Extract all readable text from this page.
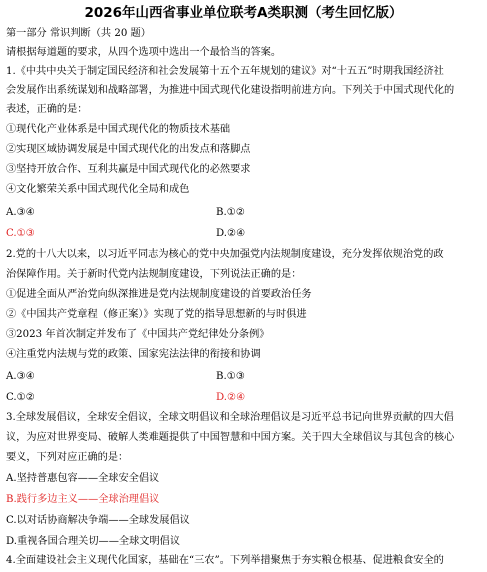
2026年山西省事业单位联考A类职测（考生回忆版）
第一部分 常识判断（共 20 题）
请根据每道题的要求，从四个选项中选出一个最恰当的答案。
1.《中共中央关于制定国民经济和社会发展第十五个五年规划的建议》对“十五五”时期我国经济社
会发展作出系统谋划和战略部署，为推进中国式现代化建设指明前进方向。下列关于中国式现代化的
表述，正确的是：
①现代化产业体系是中国式现代化的物质技术基础
②实现区域协调发展是中国式现代化的出发点和落脚点
③坚持开放合作、互利共赢是中国式现代化的必然要求
④文化繁荣关系中国式现代化全局和成色
A.③④	B.①②
C.①③	D.②④
2.党的十八大以来，以习近平同志为核心的党中央加强党内法规制度建设，充分发挥依规治党的政
治保障作用。关于新时代党内法规制度建设，下列说法正确的是：
①促进全面从严治党向纵深推进是党内法规制度建设的首要政治任务
②《中国共产党章程（修正案）》实现了党的指导思想新的与时俱进
③2023 年首次制定并发布了《中国共产党纪律处分条例》
④注重党内法规与党的政策、国家宪法法律的衔接和协调
A.③④	B.①③
C.①②	D.②④
3.全球发展倡议，全球安全倡议，全球文明倡议和全球治理倡议是习近平总书记向世界贡献的四大倡
议，为应对世界变局、破解人类难题提供了中国智慧和中国方案。关于四大全球倡议与其包含的核心
要义，下列对应正确的是：
A.坚持普惠包容——全球安全倡议
B.践行多边主义——全球治理倡议
C.以对话协商解决争端——全球发展倡议
D.重视各国合理关切——全球文明倡议
4.全面建设社会主义现代化国家，基础在“三农”。下列举措聚焦于夯实粮仓根基、促进粮食安全的
